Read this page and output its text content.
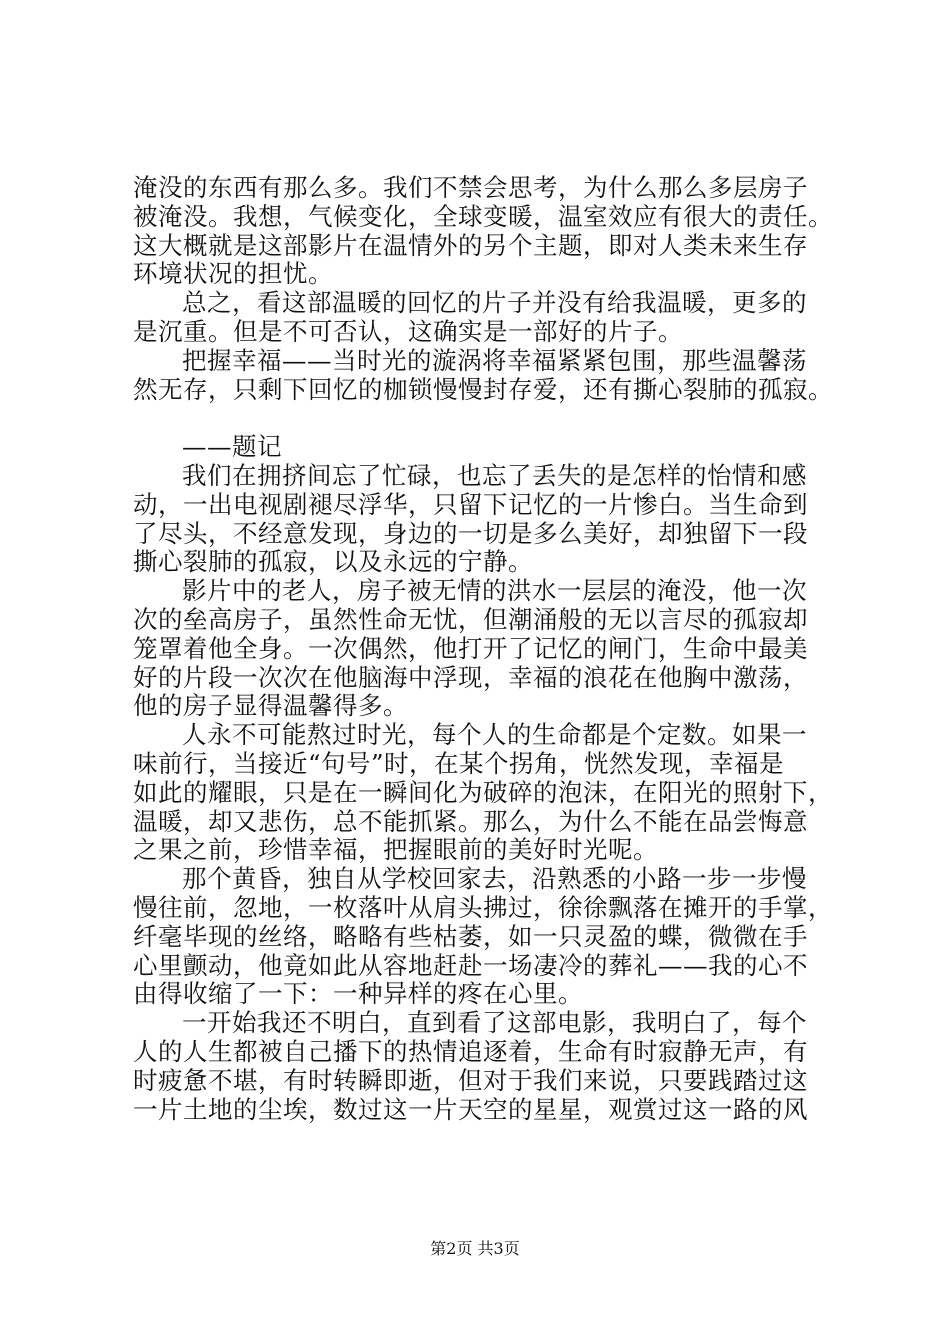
淹没的东西有那么多。我们不禁会思考，为什么那么多层房子
被淹没。我想，气候变化，全球变暖，温室效应有很大的责任。
这大概就是这部影片在温情外的另个主题，即对人类未来生存
环境状况的担忧。
总之，看这部温暖的回忆的片子并没有给我温暖，更多的
是沉重。但是不可否认，这确实是一部好的片子。
把握幸福——当时光的漩涡将幸福紧紧包围，那些温馨荡
然无存，只剩下回忆的枷锁慢慢封存爱，还有撕心裂肺的孤寂。
——题记
我们在拥挤间忘了忙碌，也忘了丢失的是怎样的怡情和感
动，一出电视剧褪尽浮华，只留下记忆的一片惨白。当生命到
了尽头，不经意发现，身边的一切是多么美好，却独留下一段
撕心裂肺的孤寂，以及永远的宁静。
影片中的老人，房子被无情的洪水一层层的淹没，他一次
次的垒高房子，虽然性命无忧，但潮涌般的无以言尽的孤寂却
笼罩着他全身。一次偶然，他打开了记忆的闸门，生命中最美
好的片段一次次在他脑海中浮现，幸福的浪花在他胸中激荡，
他的房子显得温馨得多。
人永不可能熬过时光，每个人的生命都是个定数。如果一
味前行，当接近“句号”时，在某个拐角，恍然发现，幸福是
如此的耀眼，只是在一瞬间化为破碎的泡沫，在阳光的照射下，
温暖，却又悲伤，总不能抓紧。那么，为什么不能在品尝悔意
之果之前，珍惜幸福，把握眼前的美好时光呢。
那个黄昏，独自从学校回家去，沿熟悉的小路一步一步慢
慢往前，忽地，一枚落叶从肩头拂过，徐徐飘落在摊开的手掌，
纤毫毕现的丝络，略略有些枯萎，如一只灵盈的蝶，微微在手
心里颤动，他竟如此从容地赶赴一场凄冷的葬礼——我的心不
由得收缩了一下：一种异样的疼在心里。
一开始我还不明白，直到看了这部电影，我明白了，每个
人的人生都被自己播下的热情追逐着，生命有时寂静无声，有
时疲惫不堪，有时转瞬即逝，但对于我们来说，只要践踏过这
一片土地的尘埃，数过这一片天空的星星，观赏过这一路的风
第2页 共3页
